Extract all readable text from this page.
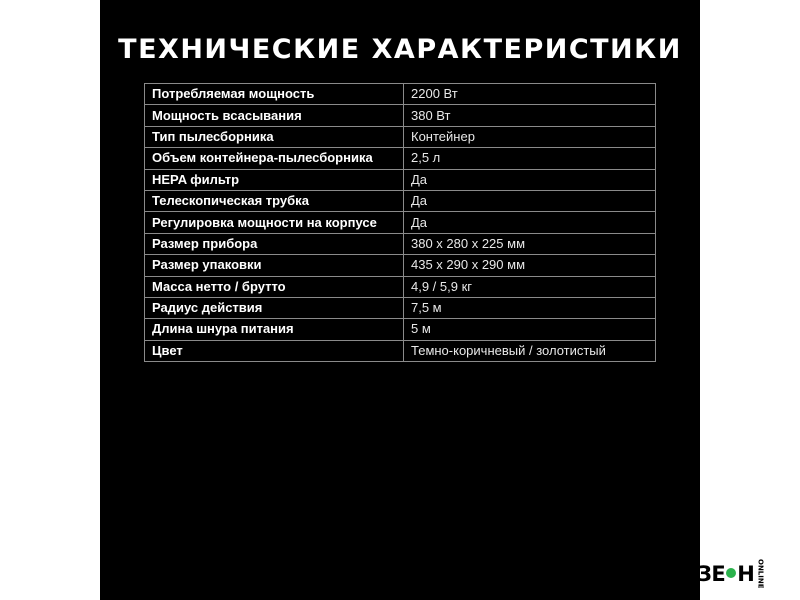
ТЕХНИЧЕСКИЕ ХАРАКТЕРИСТИКИ
Потребляемая мощность	2200 Вт
Мощность всасывания	380 Вт
Тип пылесборника	Контейнер
Объем контейнера-пылесборника	2,5 л
HEPA фильтр	Да
Телескопическая трубка	Да
Регулировка мощности на корпусе	Да
Размер прибора	380 x 280 x 225 мм
Размер упаковки	435 x 290 x 290 мм
Масса нетто / брутто	4,9 / 5,9 кг
Радиус действия	7,5 м
Длина шнура питания	5 м
Цвет	Темно-коричневый / золотистый
ЗЕ Н ONLINE
